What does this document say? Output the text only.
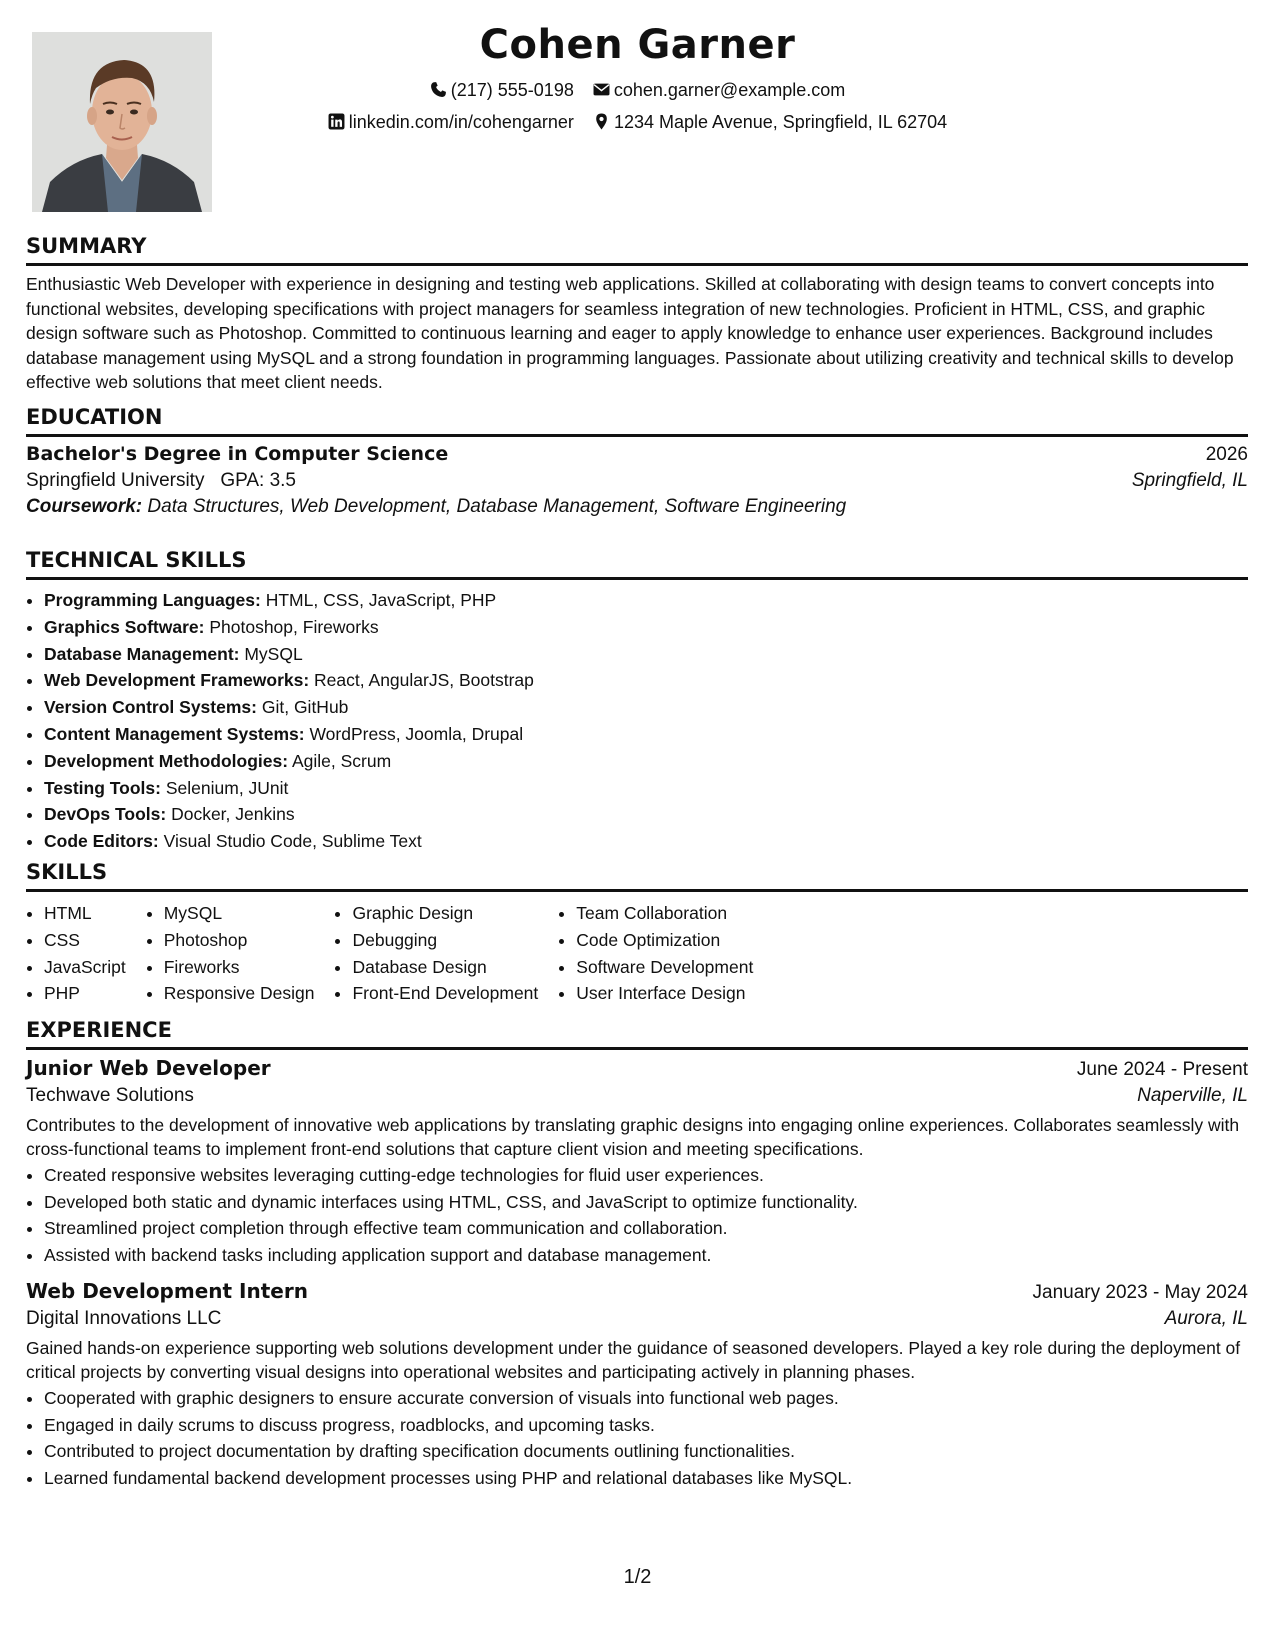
Cohen Garner
(217) 555-0198 cohen.garner@example.com
linkedin.com/in/cohengarner 1234 Maple Avenue, Springfield, IL 62704
SUMMARY
Enthusiastic Web Developer with experience in designing and testing web applications. Skilled at collaborating with design teams to convert concepts into functional websites, developing specifications with project managers for seamless integration of new technologies. Proficient in HTML, CSS, and graphic design software such as Photoshop. Committed to continuous learning and eager to apply knowledge to enhance user experiences. Background includes database management using MySQL and a strong foundation in programming languages. Passionate about utilizing creativity and technical skills to develop effective web solutions that meet client needs.
EDUCATION
Bachelor's Degree in Computer Science	2026
Springfield University GPA: 3.5	Springfield, IL
Coursework: Data Structures, Web Development, Database Management, Software Engineering
TECHNICAL SKILLS
• Programming Languages: HTML, CSS, JavaScript, PHP
• Graphics Software: Photoshop, Fireworks
• Database Management: MySQL
• Web Development Frameworks: React, AngularJS, Bootstrap
• Version Control Systems: Git, GitHub
• Content Management Systems: WordPress, Joomla, Drupal
• Development Methodologies: Agile, Scrum
• Testing Tools: Selenium, JUnit
• DevOps Tools: Docker, Jenkins
• Code Editors: Visual Studio Code, Sublime Text
SKILLS
• HTML
• CSS
• JavaScript
• PHP
• MySQL
• Photoshop
• Fireworks
• Responsive Design
• Graphic Design
• Debugging
• Database Design
• Front-End Development
• Team Collaboration
• Code Optimization
• Software Development
• User Interface Design
EXPERIENCE
Junior Web Developer	June 2024 - Present
Techwave Solutions	Naperville, IL
Contributes to the development of innovative web applications by translating graphic designs into engaging online experiences. Collaborates seamlessly with cross-functional teams to implement front-end solutions that capture client vision and meeting specifications.
• Created responsive websites leveraging cutting-edge technologies for fluid user experiences.
• Developed both static and dynamic interfaces using HTML, CSS, and JavaScript to optimize functionality.
• Streamlined project completion through effective team communication and collaboration.
• Assisted with backend tasks including application support and database management.
Web Development Intern	January 2023 - May 2024
Digital Innovations LLC	Aurora, IL
Gained hands-on experience supporting web solutions development under the guidance of seasoned developers. Played a key role during the deployment of critical projects by converting visual designs into operational websites and participating actively in planning phases.
• Cooperated with graphic designers to ensure accurate conversion of visuals into functional web pages.
• Engaged in daily scrums to discuss progress, roadblocks, and upcoming tasks.
• Contributed to project documentation by drafting specification documents outlining functionalities.
• Learned fundamental backend development processes using PHP and relational databases like MySQL.
1/2
